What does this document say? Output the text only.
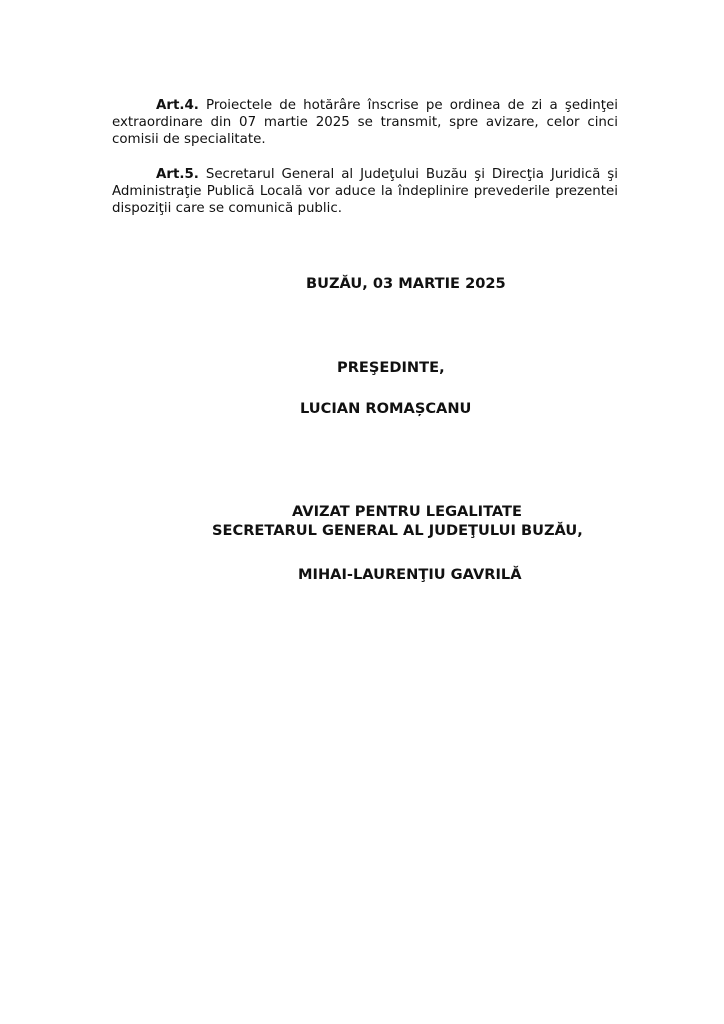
Art.4. Proiectele de hotărâre înscrise pe ordinea de zi a şedinţei extraordinare din 07 martie 2025 se transmit, spre avizare, celor cinci comisii de specialitate.

Art.5. Secretarul General al Judeţului Buzău şi Direcţia Juridică şi Administraţie Publică Locală vor aduce la îndeplinire prevederile prezentei dispoziţii care se comunică public.

BUZĂU, 03 MARTIE 2025
PREŞEDINTE,
LUCIAN ROMAȘCANU
AVIZAT PENTRU LEGALITATE
SECRETARUL GENERAL AL JUDEŢULUI BUZĂU,
MIHAI-LAURENŢIU GAVRILĂ
